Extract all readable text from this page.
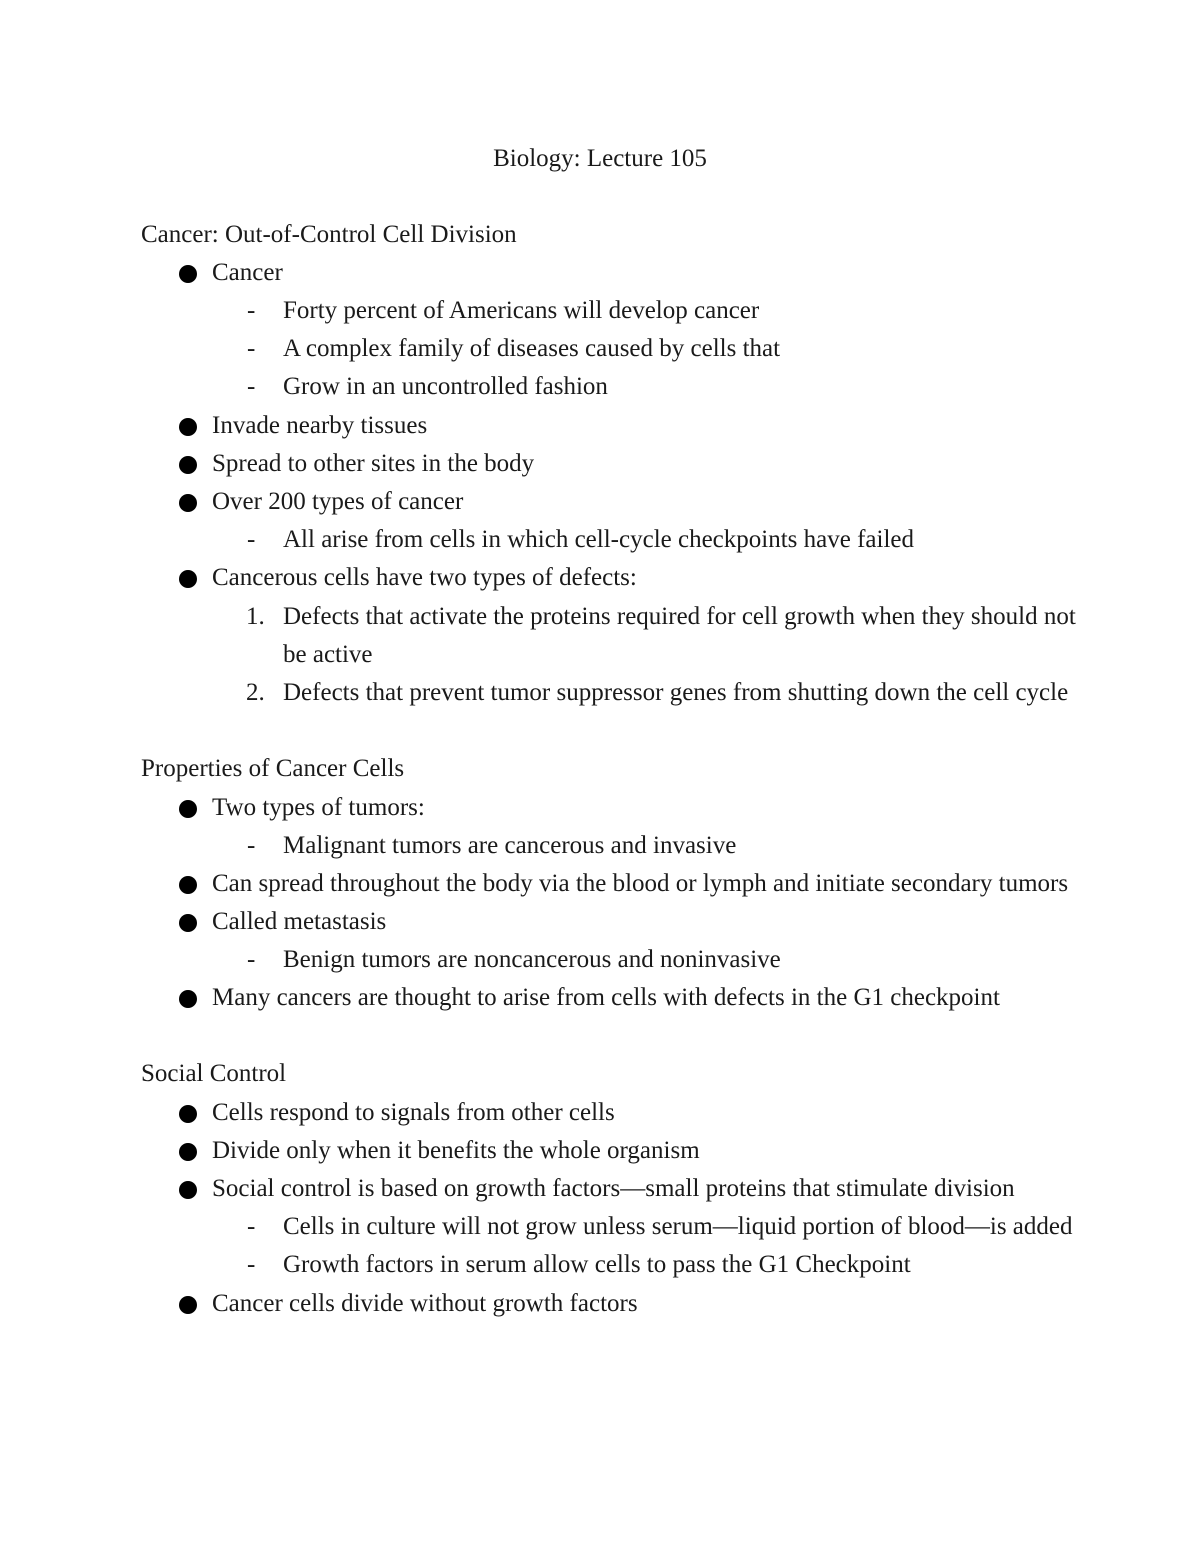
Biology: Lecture 105
Cancer: Out-of-Control Cell Division
Cancer
- Forty percent of Americans will develop cancer
- A complex family of diseases caused by cells that
- Grow in an uncontrolled fashion
Invade nearby tissues
Spread to other sites in the body
Over 200 types of cancer
- All arise from cells in which cell-cycle checkpoints have failed
Cancerous cells have two types of defects:
1. Defects that activate the proteins required for cell growth when they should not
be active
2. Defects that prevent tumor suppressor genes from shutting down the cell cycle
Properties of Cancer Cells
Two types of tumors:
- Malignant tumors are cancerous and invasive
Can spread throughout the body via the blood or lymph and initiate secondary tumors
Called metastasis
- Benign tumors are noncancerous and noninvasive
Many cancers are thought to arise from cells with defects in the G1 checkpoint
Social Control
Cells respond to signals from other cells
Divide only when it benefits the whole organism
Social control is based on growth factors—small proteins that stimulate division
- Cells in culture will not grow unless serum—liquid portion of blood—is added
- Growth factors in serum allow cells to pass the G1 Checkpoint
Cancer cells divide without growth factors
